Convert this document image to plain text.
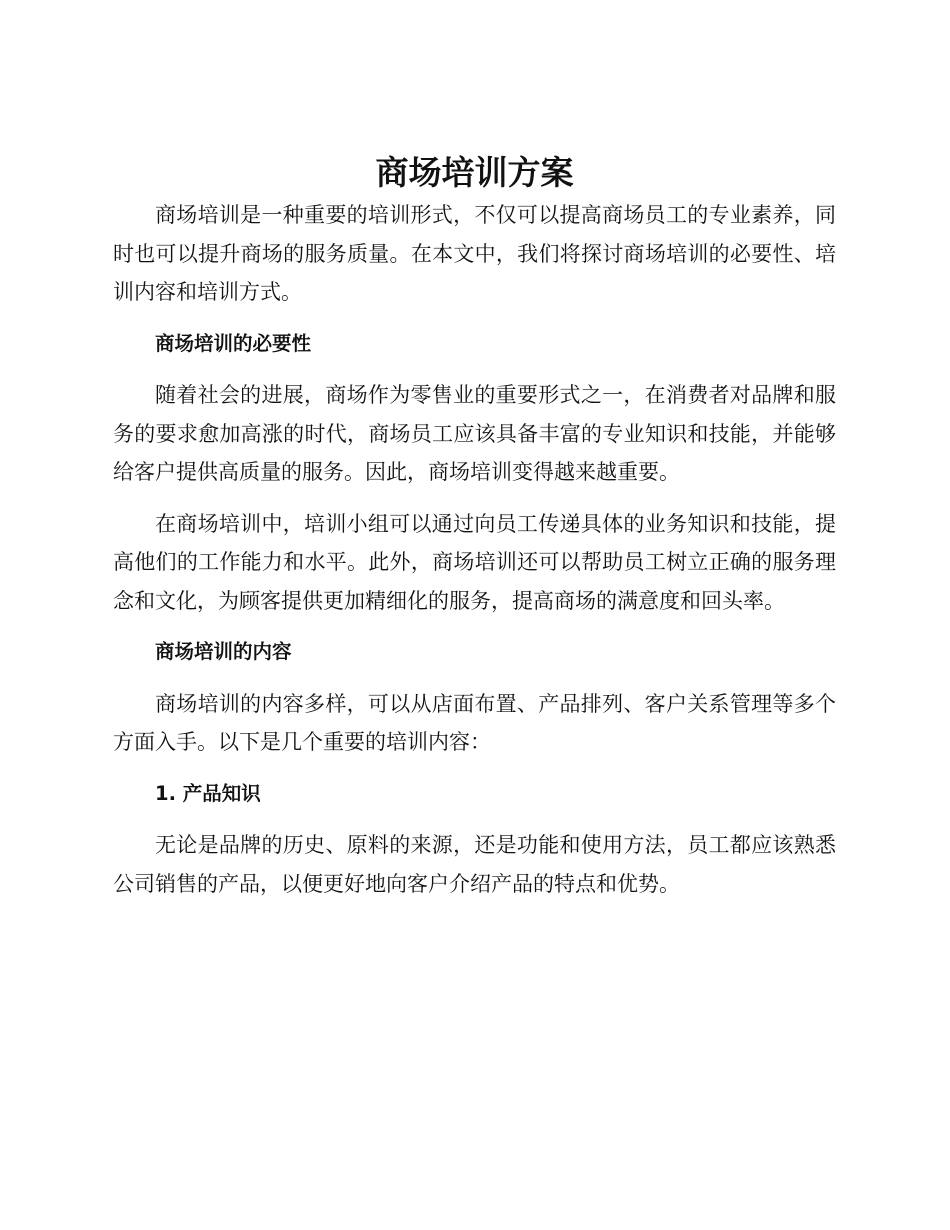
商场培训方案

商场培训是一种重要的培训形式，不仅可以提高商场员工的专业素养，同时也可以提升商场的服务质量。在本文中，我们将探讨商场培训的必要性、培训内容和培训方式。

商场培训的必要性

随着社会的进展，商场作为零售业的重要形式之一，在消费者对品牌和服务的要求愈加高涨的时代，商场员工应该具备丰富的专业知识和技能，并能够给客户提供高质量的服务。因此，商场培训变得越来越重要。

在商场培训中，培训小组可以通过向员工传递具体的业务知识和技能，提高他们的工作能力和水平。此外，商场培训还可以帮助员工树立正确的服务理念和文化，为顾客提供更加精细化的服务，提高商场的满意度和回头率。

商场培训的内容

商场培训的内容多样，可以从店面布置、产品排列、客户关系管理等多个方面入手。以下是几个重要的培训内容：

1. 产品知识

无论是品牌的历史、原料的来源，还是功能和使用方法，员工都应该熟悉公司销售的产品，以便更好地向客户介绍产品的特点和优势。
